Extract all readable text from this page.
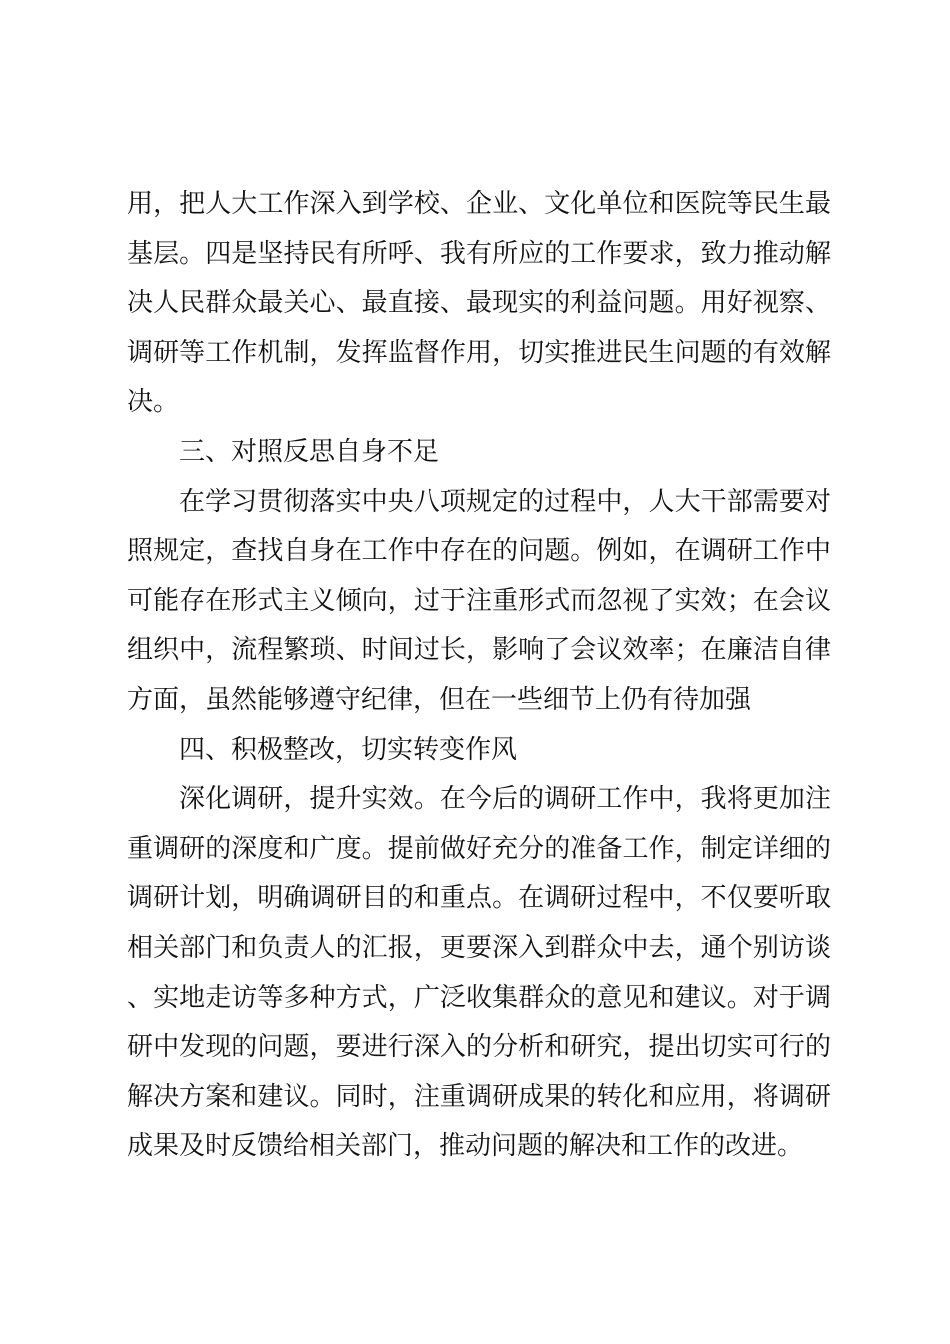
用，把人大工作深入到学校、企业、文化单位和医院等民生最基层。四是坚持民有所呼、我有所应的工作要求，致力推动解决人民群众最关心、最直接、最现实的利益问题。用好视察、调研等工作机制，发挥监督作用，切实推进民生问题的有效解决。

三、对照反思自身不足

在学习贯彻落实中央八项规定的过程中，人大干部需要对照规定，查找自身在工作中存在的问题。例如，在调研工作中可能存在形式主义倾向，过于注重形式而忽视了实效；在会议组织中，流程繁琐、时间过长，影响了会议效率；在廉洁自律方面，虽然能够遵守纪律，但在一些细节上仍有待加强

四、积极整改，切实转变作风

深化调研，提升实效。在今后的调研工作中，我将更加注重调研的深度和广度。提前做好充分的准备工作，制定详细的调研计划，明确调研目的和重点。在调研过程中，不仅要听取相关部门和负责人的汇报，更要深入到群众中去，通个别访谈、实地走访等多种方式，广泛收集群众的意见和建议。对于调研中发现的问题，要进行深入的分析和研究，提出切实可行的解决方案和建议。同时，注重调研成果的转化和应用，将调研成果及时反馈给相关部门，推动问题的解决和工作的改进。
